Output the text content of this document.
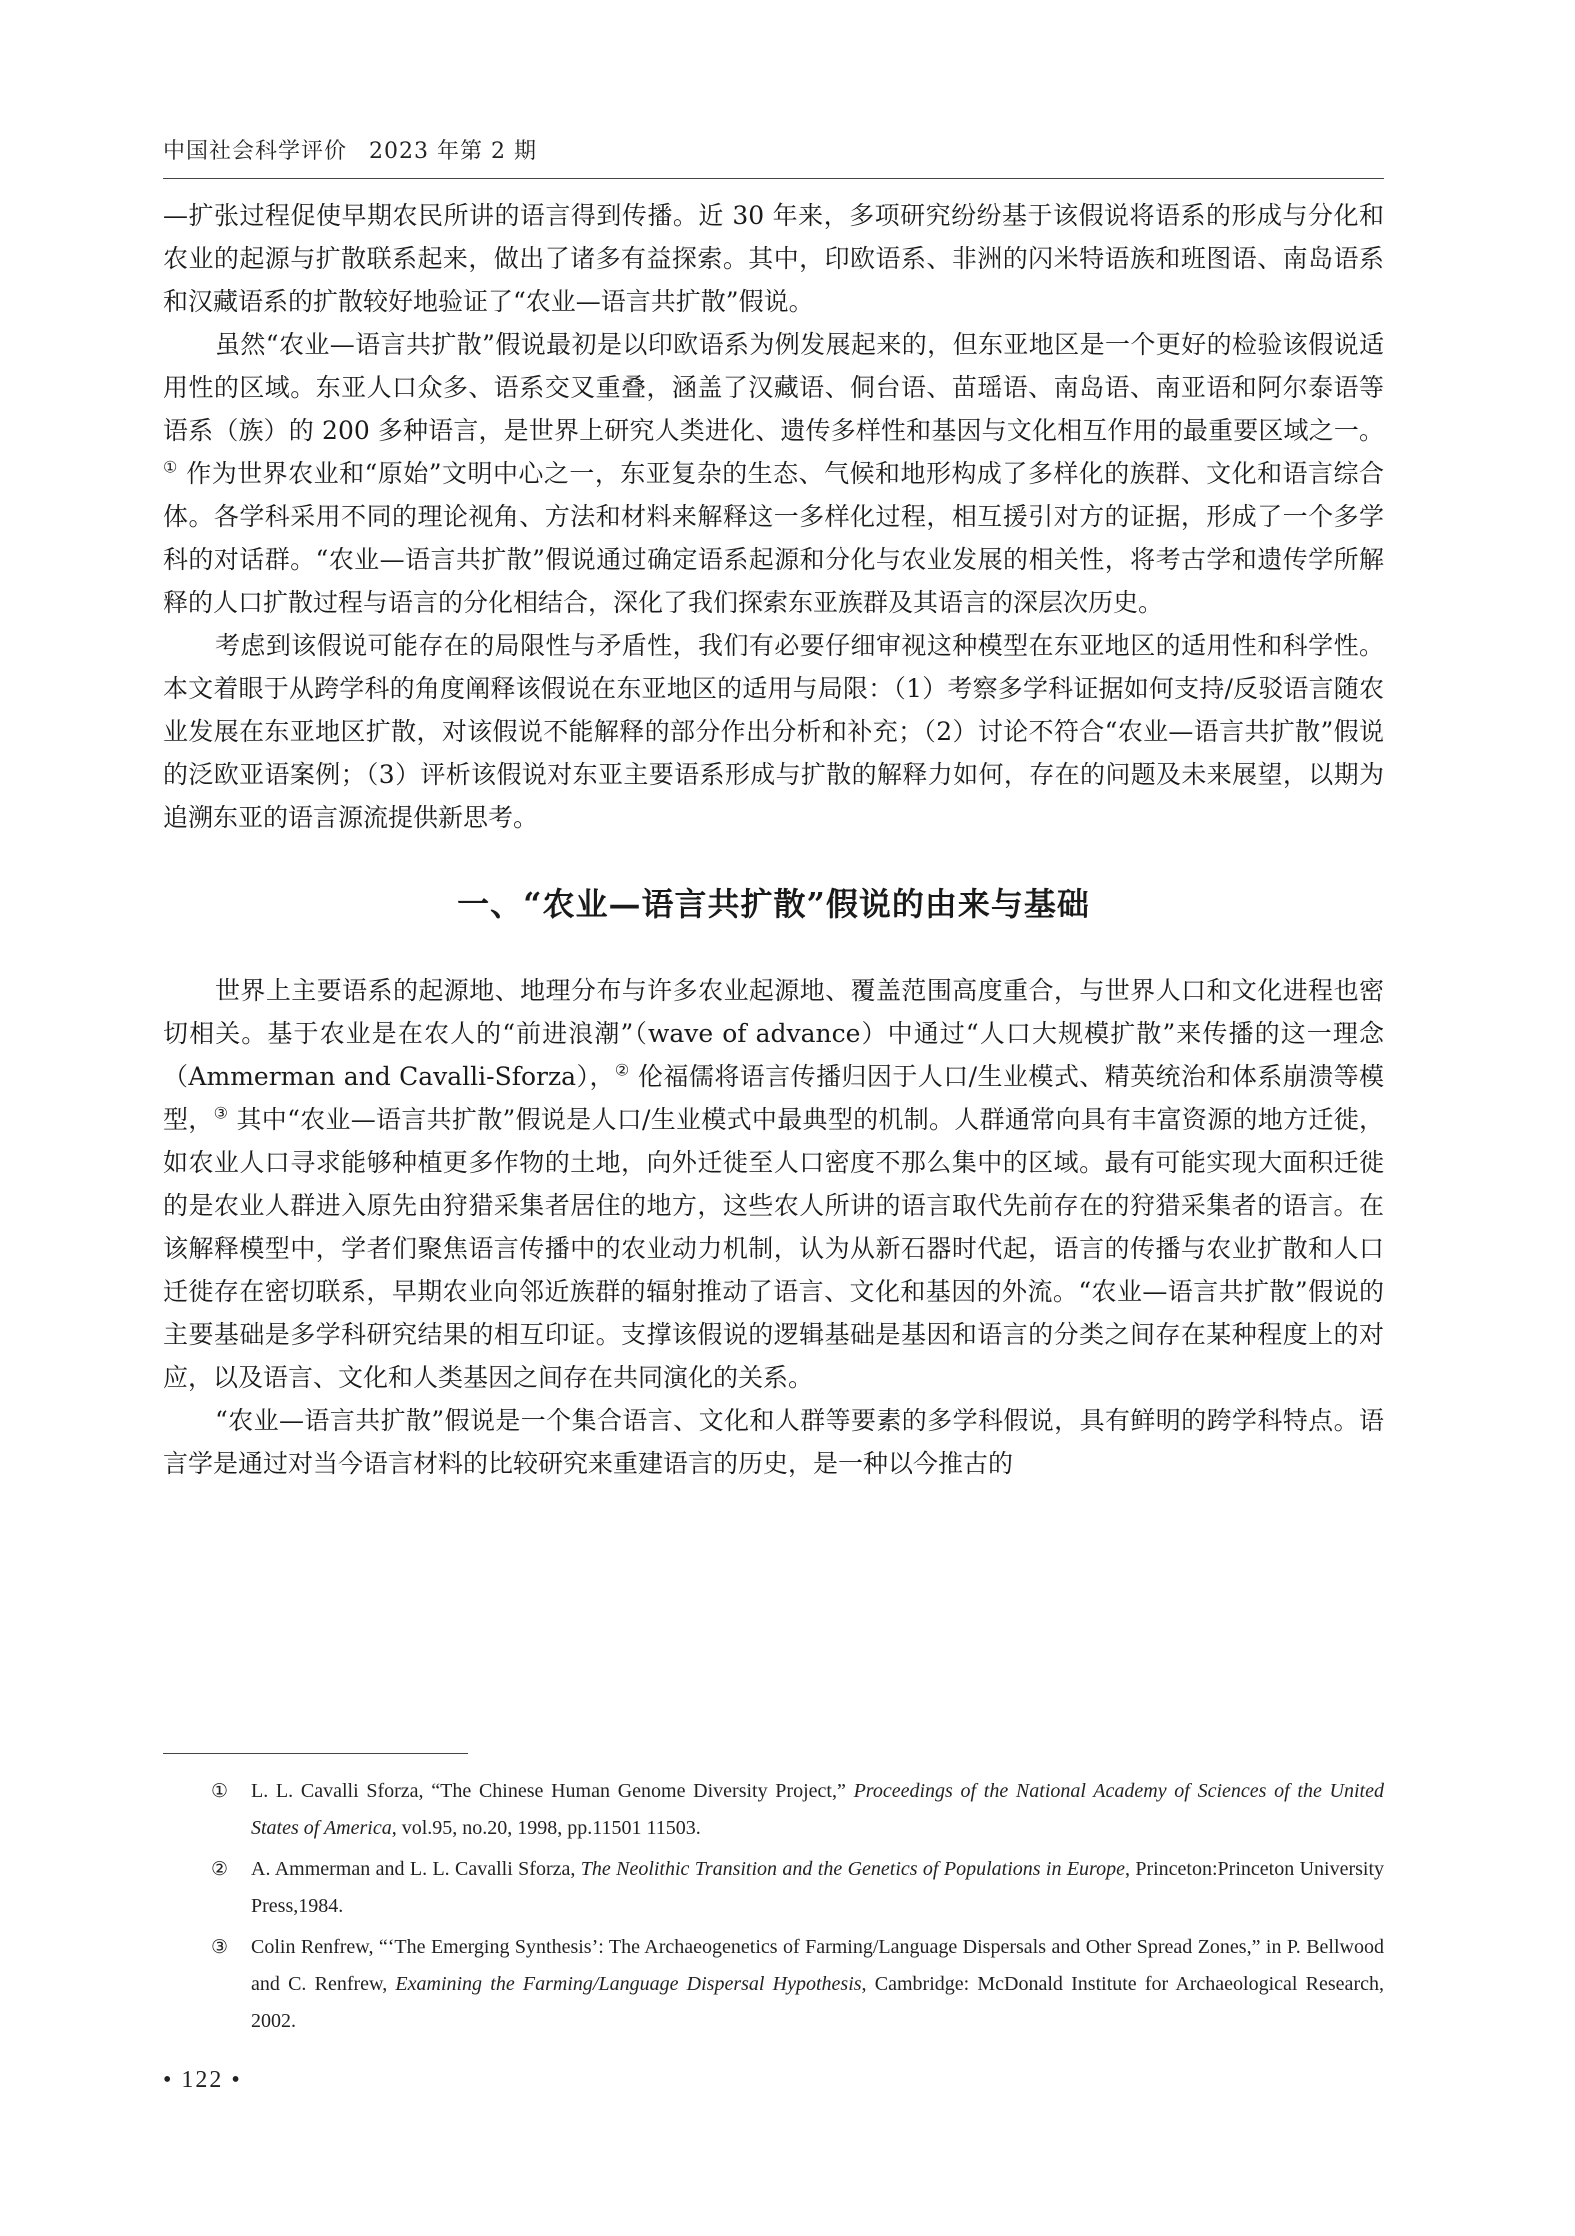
中国社会科学评价 2023 年第 2 期

—扩张过程促使早期农民所讲的语言得到传播。近 30 年来，多项研究纷纷基于该假说将语系的形成与分化和农业的起源与扩散联系起来，做出了诸多有益探索。其中，印欧语系、非洲的闪米特语族和班图语、南岛语系和汉藏语系的扩散较好地验证了“农业—语言共扩散”假说。

虽然“农业—语言共扩散”假说最初是以印欧语系为例发展起来的，但东亚地区是一个更好的检验该假说适用性的区域。东亚人口众多、语系交叉重叠，涵盖了汉藏语、侗台语、苗瑶语、南岛语、南亚语和阿尔泰语等语系（族）的 200 多种语言，是世界上研究人类进化、遗传多样性和基因与文化相互作用的最重要区域之一。① 作为世界农业和“原始”文明中心之一，东亚复杂的生态、气候和地形构成了多样化的族群、文化和语言综合体。各学科采用不同的理论视角、方法和材料来解释这一多样化过程，相互援引对方的证据，形成了一个多学科的对话群。“农业—语言共扩散”假说通过确定语系起源和分化与农业发展的相关性，将考古学和遗传学所解释的人口扩散过程与语言的分化相结合，深化了我们探索东亚族群及其语言的深层次历史。

考虑到该假说可能存在的局限性与矛盾性，我们有必要仔细审视这种模型在东亚地区的适用性和科学性。本文着眼于从跨学科的角度阐释该假说在东亚地区的适用与局限：（1）考察多学科证据如何支持/反驳语言随农业发展在东亚地区扩散，对该假说不能解释的部分作出分析和补充；（2）讨论不符合“农业—语言共扩散”假说的泛欧亚语案例；（3）评析该假说对东亚主要语系形成与扩散的解释力如何，存在的问题及未来展望，以期为追溯东亚的语言源流提供新思考。

一、“农业—语言共扩散”假说的由来与基础

世界上主要语系的起源地、地理分布与许多农业起源地、覆盖范围高度重合，与世界人口和文化进程也密切相关。基于农业是在农人的“前进浪潮”（wave of advance）中通过“人口大规模扩散”来传播的这一理念（Ammerman and Cavalli-Sforza），② 伦福儒将语言传播归因于人口/生业模式、精英统治和体系崩溃等模型，③ 其中“农业—语言共扩散”假说是人口/生业模式中最典型的机制。人群通常向具有丰富资源的地方迁徙，如农业人口寻求能够种植更多作物的土地，向外迁徙至人口密度不那么集中的区域。最有可能实现大面积迁徙的是农业人群进入原先由狩猎采集者居住的地方，这些农人所讲的语言取代先前存在的狩猎采集者的语言。在该解释模型中，学者们聚焦语言传播中的农业动力机制，认为从新石器时代起，语言的传播与农业扩散和人口迁徙存在密切联系，早期农业向邻近族群的辐射推动了语言、文化和基因的外流。“农业—语言共扩散”假说的主要基础是多学科研究结果的相互印证。支撑该假说的逻辑基础是基因和语言的分类之间存在某种程度上的对应，以及语言、文化和人类基因之间存在共同演化的关系。

“农业—语言共扩散”假说是一个集合语言、文化和人群等要素的多学科假说，具有鲜明的跨学科特点。语言学是通过对当今语言材料的比较研究来重建语言的历史，是一种以今推古的

①	L. L. Cavalli Sforza, “The Chinese Human Genome Diversity Project,” Proceedings of the National Academy of Sciences of the United States of America, vol.95, no.20, 1998, pp.11501 11503.
②	A. Ammerman and L. L. Cavalli Sforza, The Neolithic Transition and the Genetics of Populations in Europe, Princeton:Princeton University Press,1984.
③	Colin Renfrew, “‘The Emerging Synthesis’: The Archaeogenetics of Farming/Language Dispersals and Other Spread Zones,” in P. Bellwood and C. Renfrew, Examining the Farming/Language Dispersal Hypothesis, Cambridge: McDonald Institute for Archaeological Research, 2002.
• 122 •
